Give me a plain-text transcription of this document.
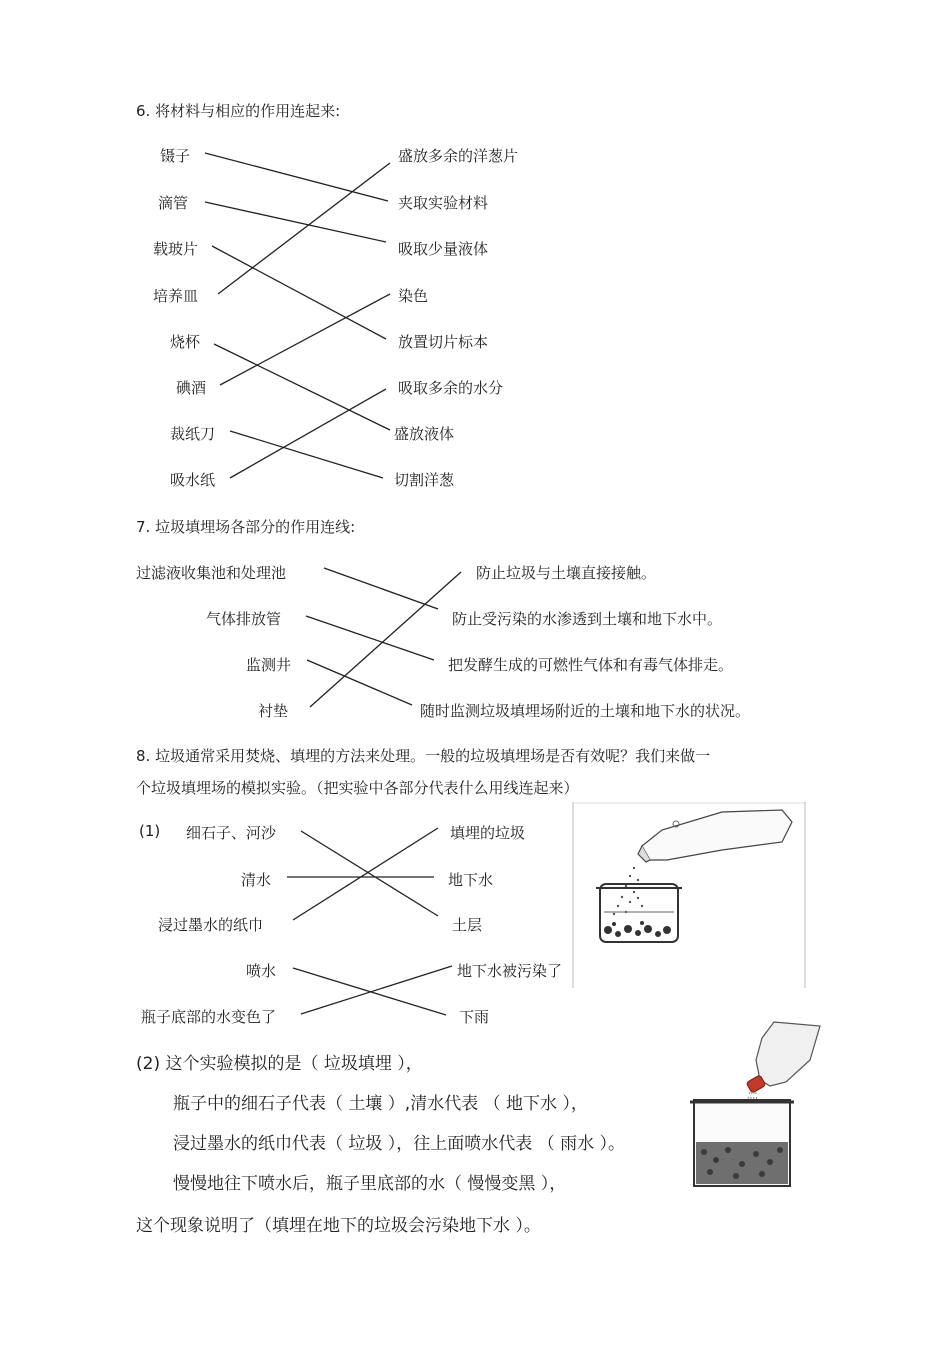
6. 将材料与相应的作用连起来:
镊子
滴管
载玻片
培养皿
烧杯
碘酒
裁纸刀
吸水纸
盛放多余的洋葱片
夹取实验材料
吸取少量液体
染色
放置切片标本
吸取多余的水分
盛放液体
切割洋葱
7. 垃圾填埋场各部分的作用连线:
过滤液收集池和处理池
气体排放管
监测井
衬垫
防止垃圾与土壤直接接触。
防止受污染的水渗透到土壤和地下水中。
把发酵生成的可燃性气体和有毒气体排走。
随时监测垃圾填埋场附近的土壤和地下水的状况。
8. 垃圾通常采用焚烧、填埋的方法来处理。一般的垃圾填埋场是否有效呢？我们来做一
个垃圾填埋场的模拟实验。（把实验中各部分代表什么用线连起来）
(1) 细石子、河沙
清水
浸过墨水的纸巾
喷水
瓶子底部的水变色了
填埋的垃圾
地下水
土层
地下水被污染了
下雨
(2) 这个实验模拟的是（ 垃圾填埋 ），
瓶子中的细石子代表（ 土壤 ）,清水代表 （ 地下水 ），
浸过墨水的纸巾代表（ 垃圾 ），往上面喷水代表 （ 雨水 ）。
慢慢地往下喷水后，瓶子里底部的水（ 慢慢变黑 ），
这个现象说明了（填埋在地下的垃圾会污染地下水 ）。
